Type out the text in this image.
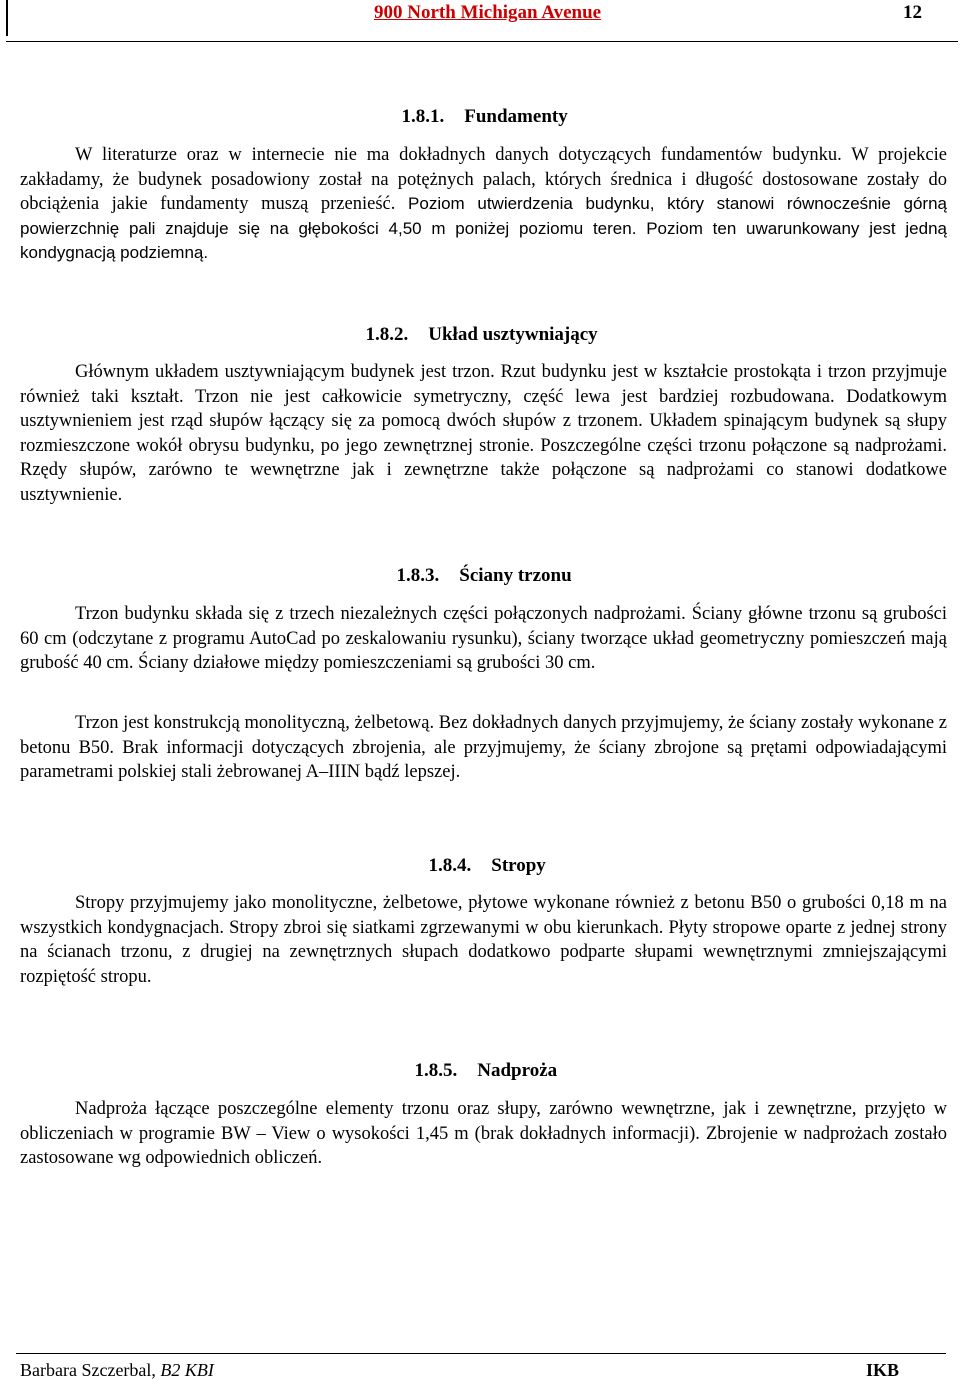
900 North Michigan Avenue	12

1.8.1. Fundamenty

W literaturze oraz w internecie nie ma dokładnych danych dotyczących fundamentów budynku. W projekcie zakładamy, że budynek posadowiony został na potężnych palach, których średnica i długość dostosowane zostały do obciążenia jakie fundamenty muszą przenieść. Poziom utwierdzenia budynku, który stanowi równocześnie górną powierzchnię pali znajduje się na głębokości 4,50 m poniżej poziomu teren. Poziom ten uwarunkowany jest jedną kondygnacją podziemną.

1.8.2. Układ usztywniający

Głównym układem usztywniającym budynek jest trzon. Rzut budynku jest w kształcie prostokąta i trzon przyjmuje również taki kształt. Trzon nie jest całkowicie symetryczny, część lewa jest bardziej rozbudowana. Dodatkowym usztywnieniem jest rząd słupów łączący się za pomocą dwóch słupów z trzonem. Układem spinającym budynek są słupy rozmieszczone wokół obrysu budynku, po jego zewnętrznej stronie. Poszczególne części trzonu połączone są nadprożami. Rzędy słupów, zarówno te wewnętrzne jak i zewnętrzne także połączone są nadprożami co stanowi dodatkowe usztywnienie.

1.8.3. Ściany trzonu

Trzon budynku składa się z trzech niezależnych części połączonych nadprożami. Ściany główne trzonu są grubości 60 cm (odczytane z programu AutoCad po zeskalowaniu rysunku), ściany tworzące układ geometryczny pomieszczeń mają grubość 40 cm. Ściany działowe między pomieszczeniami są grubości 30 cm.
Trzon jest konstrukcją monolityczną, żelbetową. Bez dokładnych danych przyjmujemy, że ściany zostały wykonane z betonu B50. Brak informacji dotyczących zbrojenia, ale przyjmujemy, że ściany zbrojone są prętami odpowiadającymi parametrami polskiej stali żebrowanej A–IIIN bądź lepszej.

1.8.4. Stropy

Stropy przyjmujemy jako monolityczne, żelbetowe, płytowe wykonane również z betonu B50 o grubości 0,18 m na wszystkich kondygnacjach. Stropy zbroi się siatkami zgrzewanymi w obu kierunkach. Płyty stropowe oparte z jednej strony na ścianach trzonu, z drugiej na zewnętrznych słupach dodatkowo podparte słupami wewnętrznymi zmniejszającymi rozpiętość stropu.

1.8.5. Nadproża

Nadproża łączące poszczególne elementy trzonu oraz słupy, zarówno wewnętrzne, jak i zewnętrzne, przyjęto w obliczeniach w programie BW – View o wysokości 1,45 m (brak dokładnych informacji). Zbrojenie w nadprożach zostało zastosowane wg odpowiednich obliczeń.
Barbara Szczerbal, B2 KBI	IKB
